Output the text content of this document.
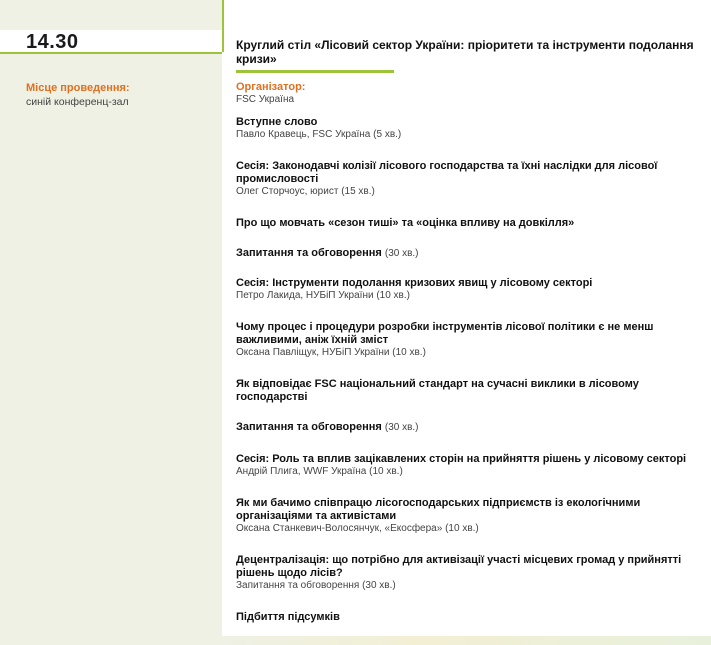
14.30
Місце проведення:
синій конференц-зал

Круглий стіл «Лісовий сектор України: пріоритети та інструменти подолання кризи»

Організатор:
FSC Україна
Вступне слово
Павло Кравець, FSC Україна (5 хв.)
Сесія: Законодавчі колізії лісового господарства та їхні наслідки для лісової промисловості
Олег Сторчоус, юрист (15 хв.)
Про що мовчать «сезон тиші» та «оцінка впливу на довкілля»
Запитання та обговорення (30 хв.)
Сесія: Інструменти подолання кризових явищ у лісовому секторі
Петро Лакида, НУБіП України (10 хв.)
Чому процес і процедури розробки інструментів лісової політики є не менш важливими, аніж їхній зміст
Оксана Павліщук, НУБіП України (10 хв.)
Як відповідає FSC національний стандарт на сучасні виклики в лісовому господарстві
Запитання та обговорення (30 хв.)
Сесія: Роль та вплив зацікавлених сторін на прийняття рішень у лісовому секторі
Андрій Плига, WWF Україна (10 хв.)
Як ми бачимо співпрацю лісогосподарських підприємств із екологічними організаціями та активістами
Оксана Станкевич-Волосянчук, «Екосфера» (10 хв.)
Децентралізація: що потрібно для активізації участі місцевих громад у прийнятті рішень щодо лісів?
Запитання та обговорення (30 хв.)
Підбиття підсумків
